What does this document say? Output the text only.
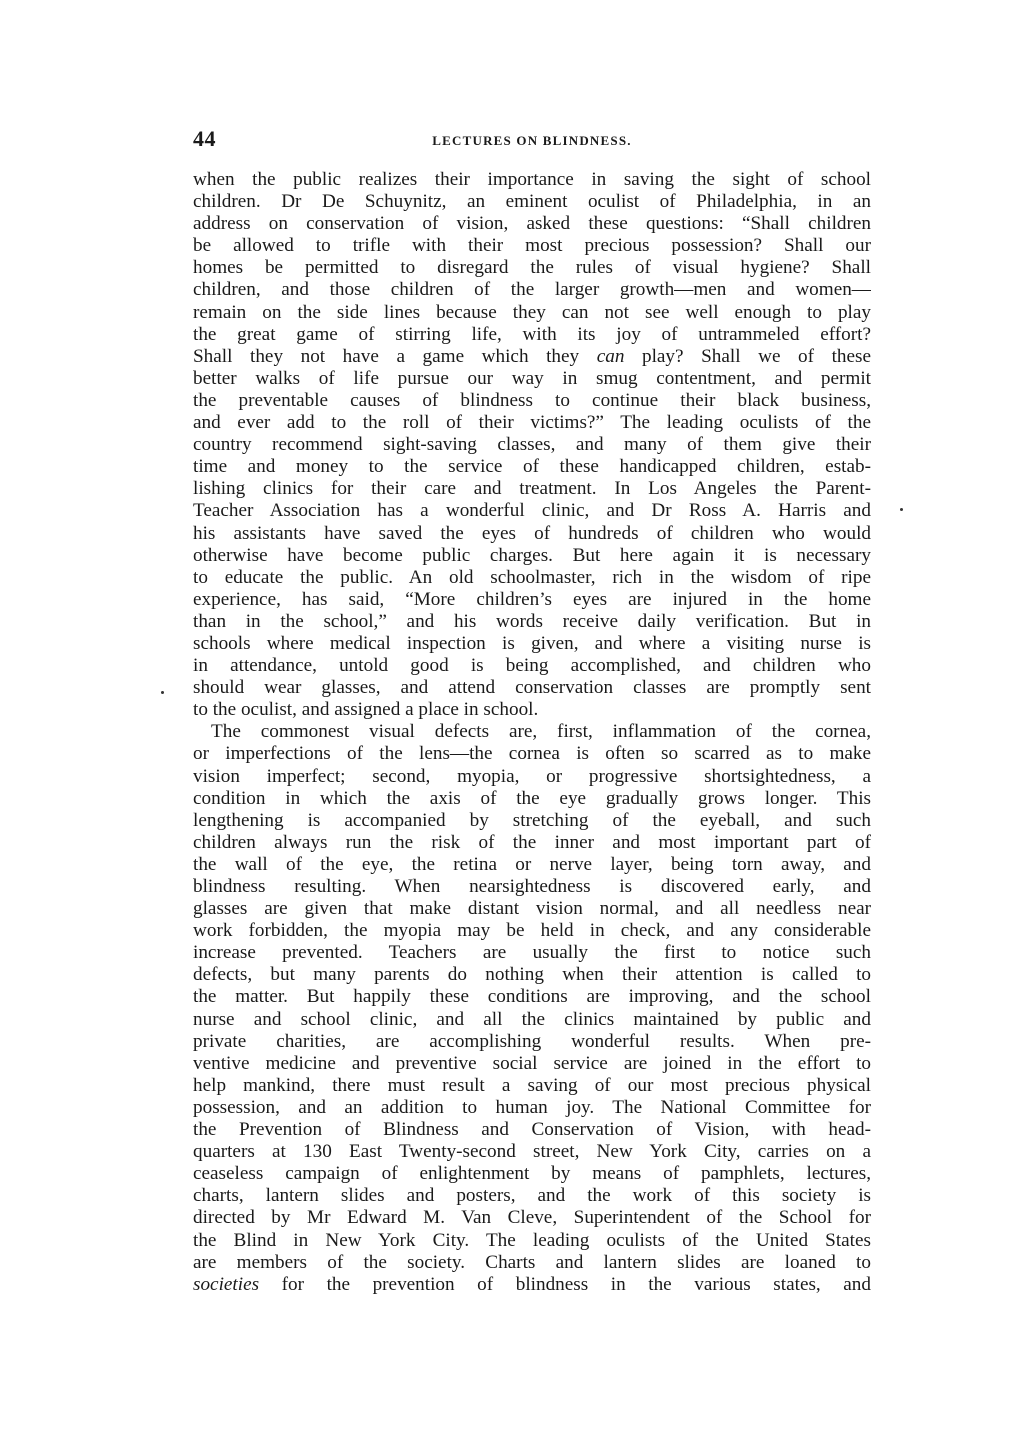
44	LECTURES ON BLINDNESS.
when the public realizes their importance in saving the sight of school
children. Dr De Schuynitz, an eminent oculist of Philadelphia, in an
address on conservation of vision, asked these questions: “Shall children
be allowed to trifle with their most precious possession? Shall our
homes be permitted to disregard the rules of visual hygiene? Shall
children, and those children of the larger growth—men and women—
remain on the side lines because they can not see well enough to play
the great game of stirring life, with its joy of untrammeled effort?
Shall they not have a game which they can play? Shall we of these
better walks of life pursue our way in smug contentment, and permit
the preventable causes of blindness to continue their black business,
and ever add to the roll of their victims?” The leading oculists of the
country recommend sight-saving classes, and many of them give their
time and money to the service of these handicapped children, estab-
lishing clinics for their care and treatment. In Los Angeles the Parent-
Teacher Association has a wonderful clinic, and Dr Ross A. Harris and
his assistants have saved the eyes of hundreds of children who would
otherwise have become public charges. But here again it is necessary
to educate the public. An old schoolmaster, rich in the wisdom of ripe
experience, has said, “More children’s eyes are injured in the home
than in the school,” and his words receive daily verification. But in
schools where medical inspection is given, and where a visiting nurse is
in attendance, untold good is being accomplished, and children who
should wear glasses, and attend conservation classes are promptly sent
to the oculist, and assigned a place in school.
The commonest visual defects are, first, inflammation of the cornea,
or imperfections of the lens—the cornea is often so scarred as to make
vision imperfect; second, myopia, or progressive shortsightedness, a
condition in which the axis of the eye gradually grows longer. This
lengthening is accompanied by stretching of the eyeball, and such
children always run the risk of the inner and most important part of
the wall of the eye, the retina or nerve layer, being torn away, and
blindness resulting. When nearsightedness is discovered early, and
glasses are given that make distant vision normal, and all needless near
work forbidden, the myopia may be held in check, and any considerable
increase prevented. Teachers are usually the first to notice such
defects, but many parents do nothing when their attention is called to
the matter. But happily these conditions are improving, and the school
nurse and school clinic, and all the clinics maintained by public and
private charities, are accomplishing wonderful results. When pre-
ventive medicine and preventive social service are joined in the effort to
help mankind, there must result a saving of our most precious physical
possession, and an addition to human joy. The National Committee for
the Prevention of Blindness and Conservation of Vision, with head-
quarters at 130 East Twenty-second street, New York City, carries on a
ceaseless campaign of enlightenment by means of pamphlets, lectures,
charts, lantern slides and posters, and the work of this society is
directed by Mr Edward M. Van Cleve, Superintendent of the School for
the Blind in New York City. The leading oculists of the United States
are members of the society. Charts and lantern slides are loaned to
societies for the prevention of blindness in the various states, and
